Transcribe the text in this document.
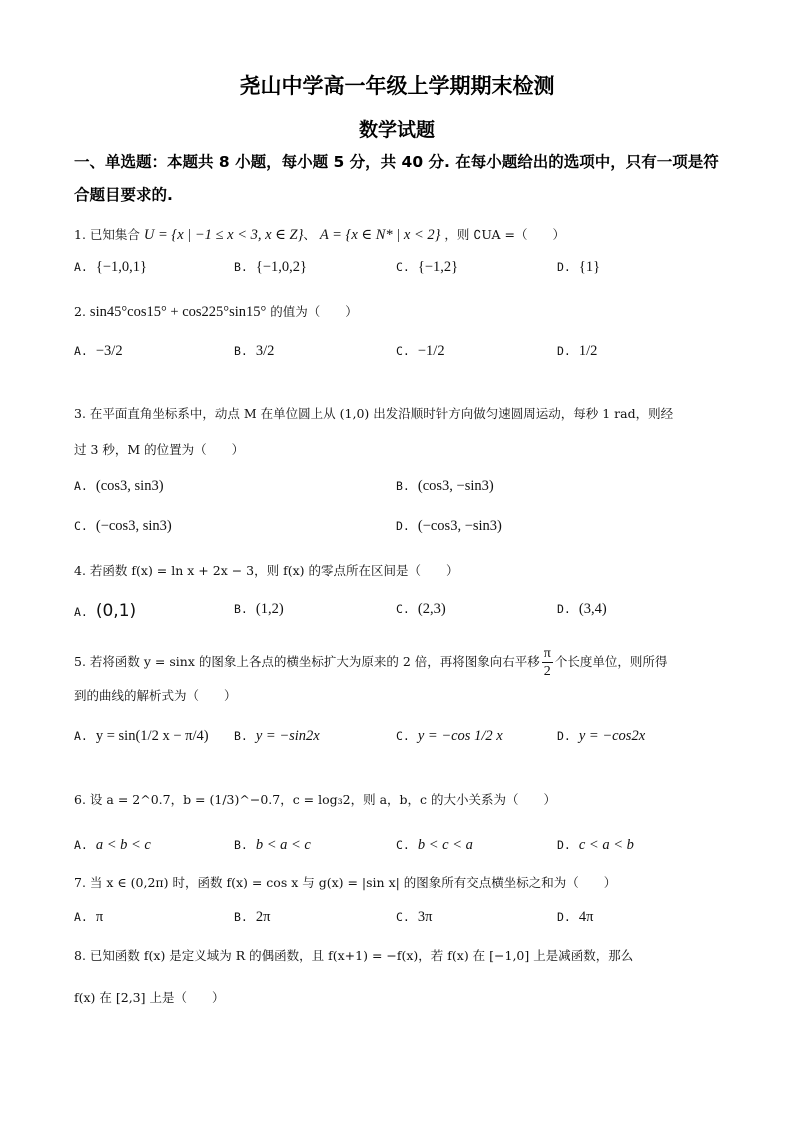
尧山中学高一年级上学期期末检测
数学试题
一、单选题：本题共 8 小题，每小题 5 分，共 40 分. 在每小题给出的选项中，只有一项是符
合题目要求的.
1. 已知集合 U = {x | −1 ≤ x < 3, x ∈ Z}、 A = {x ∈ N* | x < 2} ，则 ∁UA =（　　）
A. {−1,0,1}	B. {−1,0,2}	C. {−1,2}	D. {1}
2. sin45°cos15° + cos225°sin15° 的值为（　　）
A. −3/2	B. 3/2	C. −1/2	D. 1/2
3. 在平面直角坐标系中，动点 M 在单位圆上从 (1,0) 出发沿顺时针方向做匀速圆周运动，每秒 1 rad，则经
过 3 秒，M 的位置为（　　）
A. (cos3, sin3)	B. (cos3, −sin3)
C. (−cos3, sin3)	D. (−cos3, −sin3)
4. 若函数 f(x) = ln x + 2x − 3，则 f(x) 的零点所在区间是（　　）
A. (0,1)	B. (1,2)	C. (2,3)	D. (3,4)
5. 若将函数 y = sinx 的图象上各点的横坐标扩大为原来的 2 倍，再将图象向右平移 $\frac{\pi}{2}$ 个长度单位，则所得
到的曲线的解析式为（　　）
A. y = sin(1/2 x − π/4) B. y = −sin2x	C. y = −cos 1/2 x	D. y = −cos2x
6. 设 a = 2^0.7，b = (1/3)^−0.7，c = log₃2，则 a，b，c 的大小关系为（　　）
A. a < b < c	B. b < a < c	C. b < c < a	D. c < a < b
7. 当 x ∈ (0,2π) 时，函数 f(x) = cos x 与 g(x) = |sin x| 的图象所有交点横坐标之和为（　　）
A. π	B. 2π	C. 3π	D. 4π
8. 已知函数 f(x) 是定义域为 R 的偶函数，且 f(x+1) = −f(x)，若 f(x) 在 [−1,0] 上是减函数，那么
f(x) 在 [2,3] 上是（　　）
